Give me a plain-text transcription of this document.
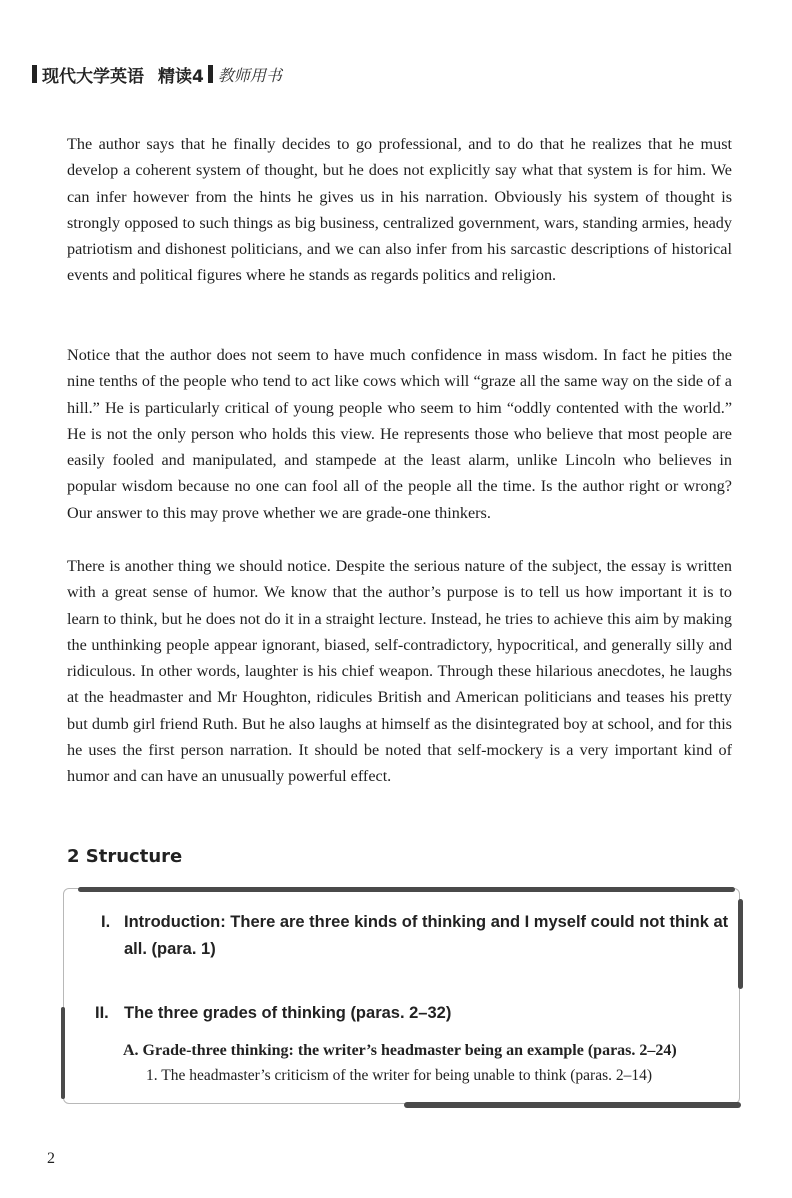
现代大学英语 精读4 教师用书

The author says that he finally decides to go professional, and to do that he realizes that he must develop a coherent system of thought, but he does not explicitly say what that system is for him. We can infer however from the hints he gives us in his narration. Obviously his system of thought is strongly opposed to such things as big business, centralized government, wars, standing armies, heady patriotism and dishonest politicians, and we can also infer from his sarcastic descriptions of historical events and political figures where he stands as regards politics and religion.

Notice that the author does not seem to have much confidence in mass wisdom. In fact he pities the nine tenths of the people who tend to act like cows which will “graze all the same way on the side of a hill.” He is particularly critical of young people who seem to him “oddly contented with the world.” He is not the only person who holds this view. He represents those who believe that most people are easily fooled and manipulated, and stampede at the least alarm, unlike Lincoln who believes in popular wisdom because no one can fool all of the people all the time. Is the author right or wrong? Our answer to this may prove whether we are grade-one thinkers.

There is another thing we should notice. Despite the serious nature of the subject, the essay is written with a great sense of humor. We know that the author’s purpose is to tell us how important it is to learn to think, but he does not do it in a straight lecture. Instead, he tries to achieve this aim by making the unthinking people appear ignorant, biased, self-contradictory, hypocritical, and generally silly and ridiculous. In other words, laughter is his chief weapon. Through these hilarious anecdotes, he laughs at the headmaster and Mr Houghton, ridicules British and American politicians and teases his pretty but dumb girl friend Ruth. But he also laughs at himself as the disintegrated boy at school, and for this he uses the first person narration. It should be noted that self-mockery is a very important kind of humor and can have an unusually powerful effect.

2 Structure
I. Introduction: There are three kinds of thinking and I myself could not think at all. (para. 1)
II. The three grades of thinking (paras. 2–32)
A. Grade-three thinking: the writer’s headmaster being an example (paras. 2–24)
1. The headmaster’s criticism of the writer for being unable to think (paras. 2–14)
2
